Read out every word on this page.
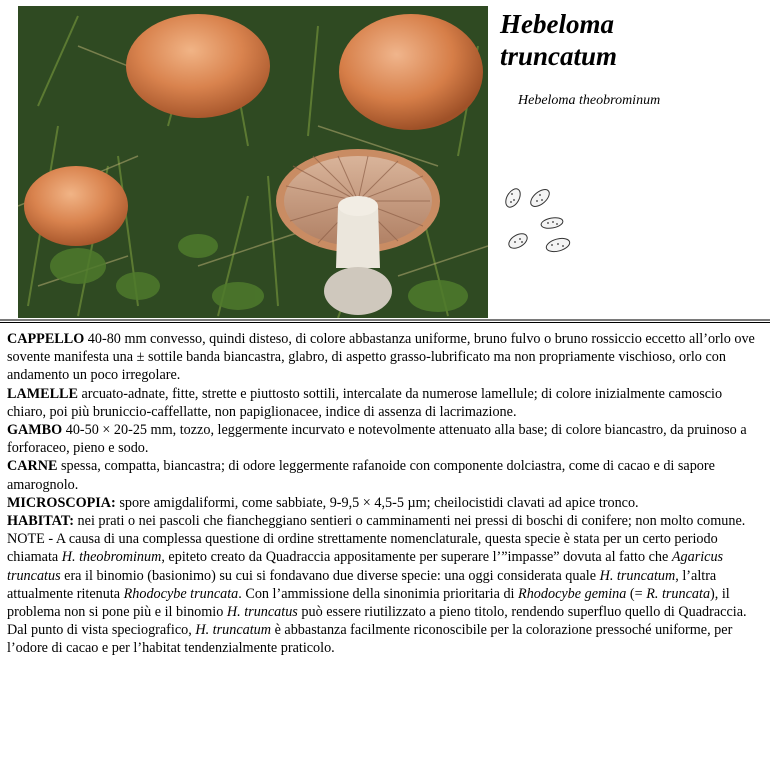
Hebeloma
truncatum
Hebeloma theobrominum

CAPPELLO 40-80 mm convesso, quindi disteso, di colore abbastanza uniforme, bruno fulvo o bruno rossiccio eccetto all’orlo ove sovente manifesta una ± sottile banda biancastra, glabro, di aspetto grasso-lubrificato ma non propriamente vischioso, orlo con andamento un poco irregolare.

LAMELLE arcuato-adnate, fitte, strette e piuttosto sottili, intercalate da numerose lamellule; di colore inizialmente camoscio chiaro, poi più bruniccio-caffellatte, non papiglionacee, indice di assenza di lacrimazione.

GAMBO 40-50 × 20-25 mm, tozzo, leggermente incurvato e notevolmente attenuato alla base; di colore biancastro, da pruinoso a forforaceo, pieno e sodo.

CARNE spessa, compatta, biancastra; di odore leggermente rafanoide con componente dolciastra, come di cacao e di sapore amarognolo.

MICROSCOPIA: spore amigdaliformi, come sabbiate, 9-9,5 × 4,5-5 µm; cheilocistidi clavati ad apice tronco.

HABITAT: nei prati o nei pascoli che fiancheggiano sentieri o camminamenti nei pressi di boschi di conifere; non molto comune.

NOTE - A causa di una complessa questione di ordine strettamente nomenclaturale, questa specie è stata per un certo periodo chiamata H. theobrominum, epiteto creato da Quadraccia appositamente per superare l’”impasse” dovuta al fatto che Agaricus truncatus era il binomio (basionimo) su cui si fondavano due diverse specie: una oggi considerata quale H. truncatum, l’altra attualmente ritenuta Rhodocybe truncata. Con l’ammissione della sinonimia prioritaria di Rhodocybe gemina (= R. truncata), il problema non si pone più e il binomio H. truncatus può essere riutilizzato a pieno titolo, rendendo superfluo quello di Quadraccia.

Dal punto di vista speciografico, H. truncatum è abbastanza facilmente riconoscibile per la colorazione pressoché uniforme, per l’odore di cacao e per l’habitat tendenzialmente praticolo.
